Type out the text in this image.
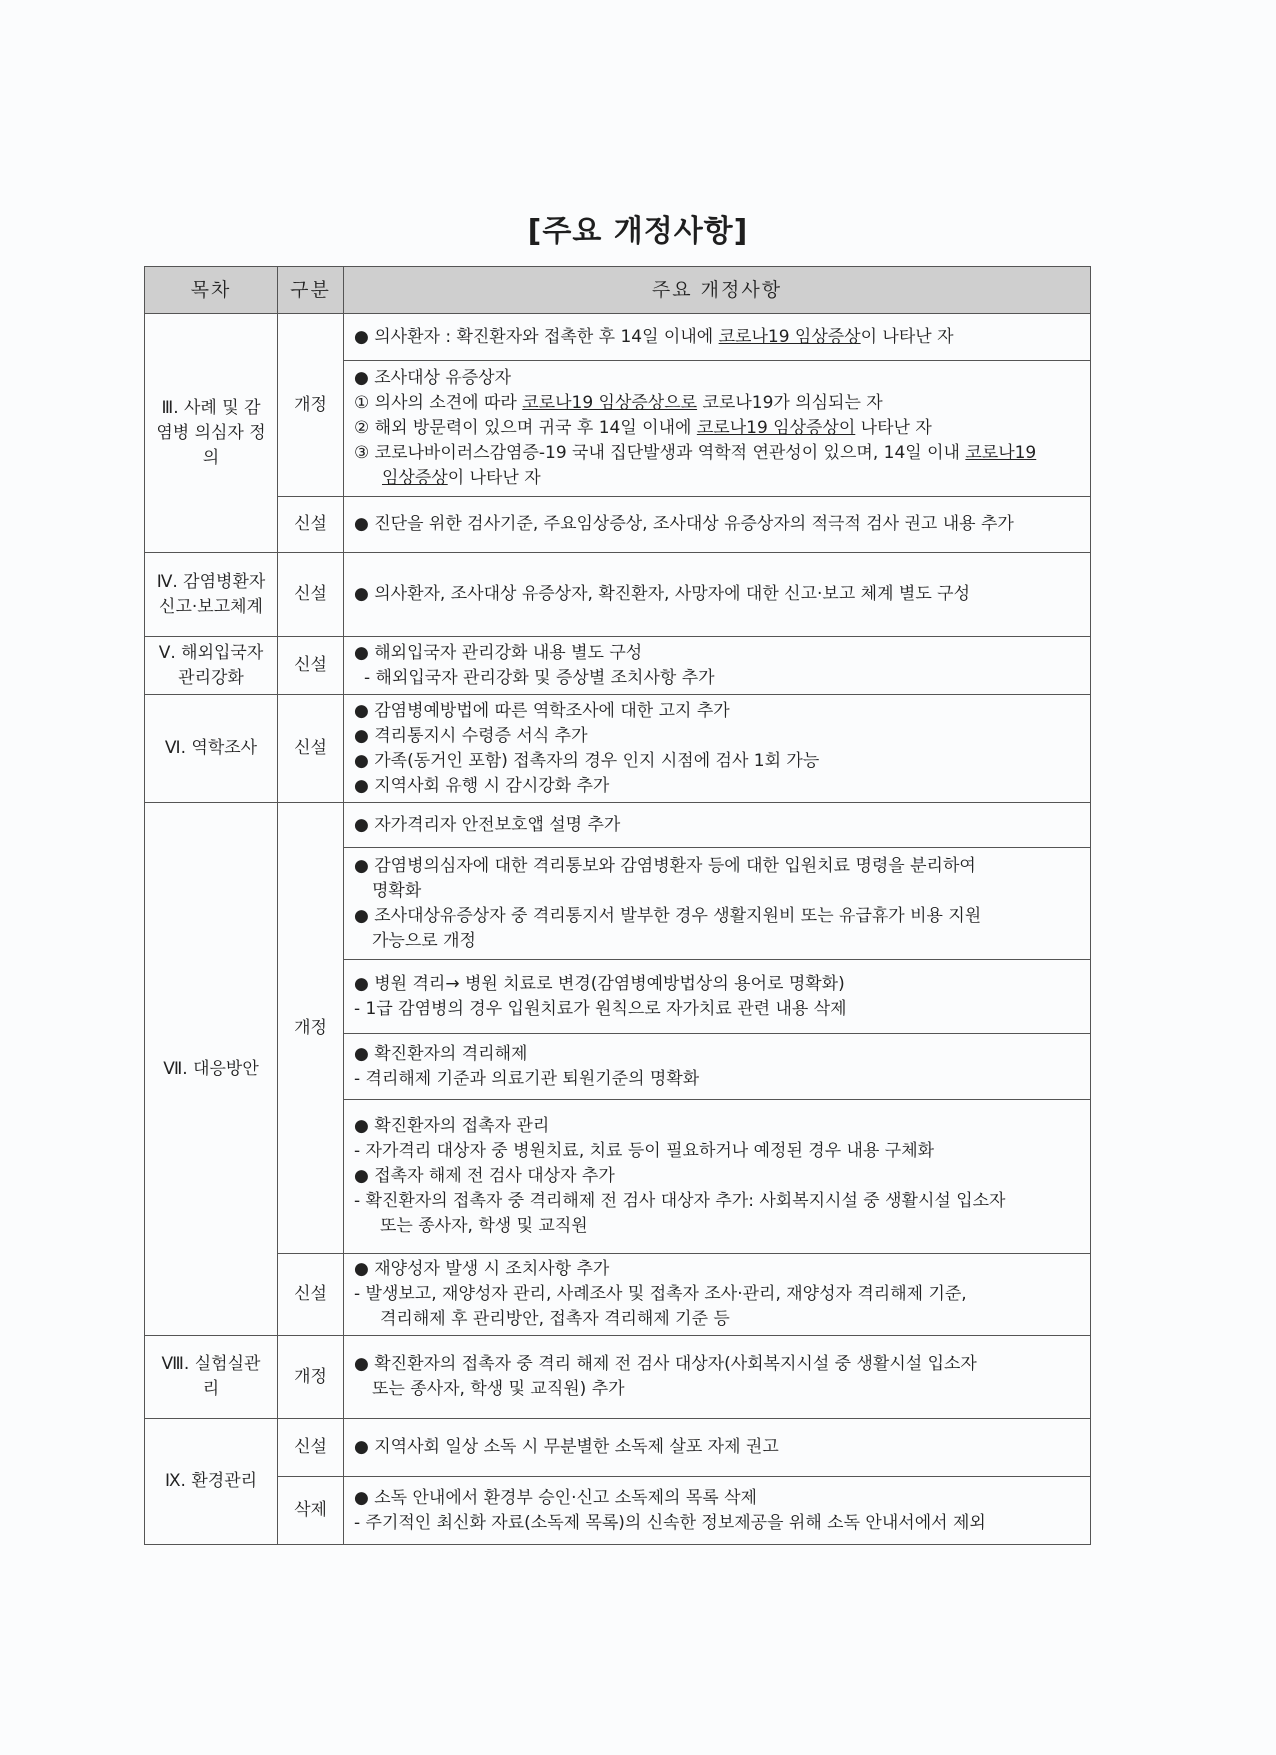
[주요 개정사항]
목차	구분	주요 개정사항
Ⅲ. 사례 및 감염병 의심자 정의	개정	● 의사환자 : 확진환자와 접촉한 후 14일 이내에 코로나19 임상증상이 나타난 자

		● 조사대상 유증상자
① 의사의 소견에 따라 코로나19 임상증상으로 코로나19가 의심되는 자
② 해외 방문력이 있으며 귀국 후 14일 이내에 코로나19 임상증상이 나타난 자
③ 코로나바이러스감염증-19 국내 집단발생과 역학적 연관성이 있으며, 14일 이내 코로나19
임상증상이 나타난 자

	신설	● 진단을 위한 검사기준, 주요임상증상, 조사대상 유증상자의 적극적 검사 권고 내용 추가

Ⅳ. 감염병환자 신고·보고체계	신설	● 의사환자, 조사대상 유증상자, 확진환자, 사망자에 대한 신고·보고 체계 별도 구성

Ⅴ. 해외입국자 관리강화	신설	● 해외입국자 관리강화 내용 별도 구성
- 해외입국자 관리강화 및 증상별 조치사항 추가

Ⅵ. 역학조사	신설	● 감염병예방법에 따른 역학조사에 대한 고지 추가
● 격리통지시 수령증 서식 추가
● 가족(동거인 포함) 접촉자의 경우 인지 시점에 검사 1회 가능
● 지역사회 유행 시 감시강화 추가

Ⅶ. 대응방안	개정	● 자가격리자 안전보호앱 설명 추가

		● 감염병의심자에 대한 격리통보와 감염병환자 등에 대한 입원치료 명령을 분리하여
명확화
● 조사대상유증상자 중 격리통지서 발부한 경우 생활지원비 또는 유급휴가 비용 지원
가능으로 개정

		● 병원 격리→ 병원 치료로 변경(감염병예방법상의 용어로 명확화)
- 1급 감염병의 경우 입원치료가 원칙으로 자가치료 관련 내용 삭제

		● 확진환자의 격리해제
- 격리해제 기준과 의료기관 퇴원기준의 명확화

		● 확진환자의 접촉자 관리
- 자가격리 대상자 중 병원치료, 치료 등이 필요하거나 예정된 경우 내용 구체화
● 접촉자 해제 전 검사 대상자 추가
- 확진환자의 접촉자 중 격리해제 전 검사 대상자 추가: 사회복지시설 중 생활시설 입소자
또는 종사자, 학생 및 교직원

	신설	● 재양성자 발생 시 조치사항 추가
- 발생보고, 재양성자 관리, 사례조사 및 접촉자 조사·관리, 재양성자 격리해제 기준,
격리해제 후 관리방안, 접촉자 격리해제 기준 등

Ⅷ. 실험실관리	개정	● 확진환자의 접촉자 중 격리 해제 전 검사 대상자(사회복지시설 중 생활시설 입소자
또는 종사자, 학생 및 교직원) 추가

Ⅸ. 환경관리	신설	● 지역사회 일상 소독 시 무분별한 소독제 살포 자제 권고

	삭제	● 소독 안내에서 환경부 승인·신고 소독제의 목록 삭제
- 주기적인 최신화 자료(소독제 목록)의 신속한 정보제공을 위해 소독 안내서에서 제외
